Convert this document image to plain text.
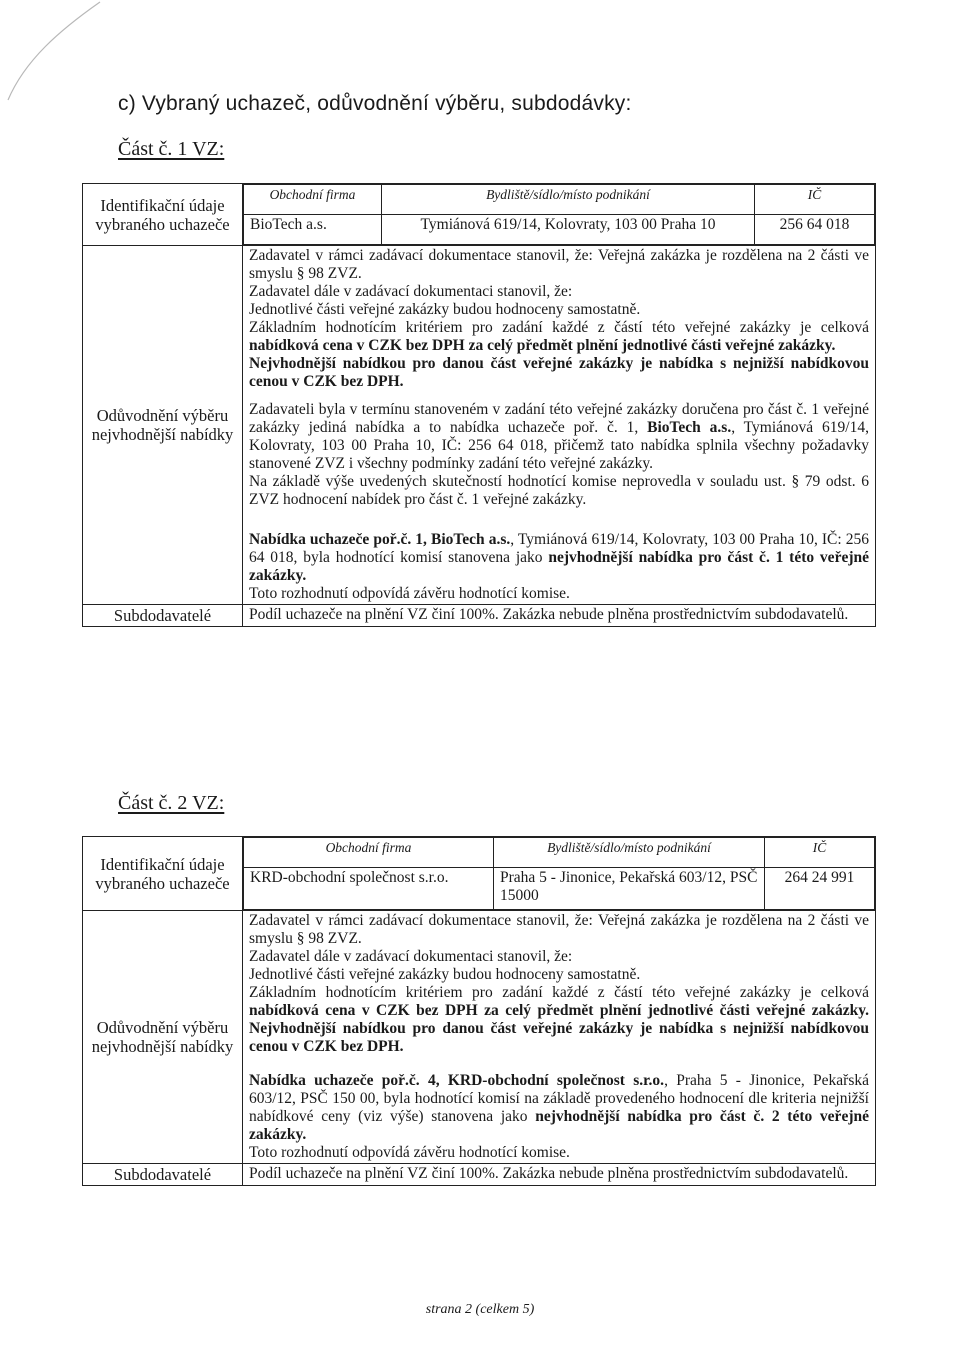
c) Vybraný uchazeč, odůvodnění výběru, subdodávky:
Část č. 1 VZ:
Identifikační údaje vybraného uchazeče	
Obchodní firma	Bydliště/sídlo/místo podnikání	IČ
BioTech a.s.	Tymiánová 619/14, Kolovraty, 103 00 Praha 10	256 64 018

Odůvodnění výběru nejvhodnější nabídky	

Zadavatel v rámci zadávací dokumentace stanovil, že: Veřejná zakázka je rozdělena na 2 části ve smyslu § 98 ZVZ.

Zadavatel dále v zadávací dokumentaci stanovil, že:

Jednotlivé části veřejné zakázky budou hodnoceny samostatně.

Základním hodnotícím kritériem pro zadání každé z částí této veřejné zakázky je celková nabídková cena v CZK bez DPH za celý předmět plnění jednotlivé části veřejné zakázky.

Nejvhodnější nabídkou pro danou část veřejné zakázky je nabídka s nejnižší nabídkovou cenou v CZK bez DPH.

Zadavateli byla v termínu stanoveném v zadání této veřejné zakázky doručena pro část č. 1 veřejné zakázky jediná nabídka a to nabídka uchazeče poř. č. 1, BioTech a.s., Tymiánová 619/14, Kolovraty, 103 00 Praha 10, IČ: 256 64 018, přičemž tato nabídka splnila všechny požadavky stanovené ZVZ i všechny podmínky zadání této veřejné zakázky.

Na základě výše uvedených skutečností hodnotící komise neprovedla v souladu ust. § 79 odst. 6 ZVZ hodnocení nabídek pro část č. 1 veřejné zakázky.

Nabídka uchazeče poř.č. 1, BioTech a.s., Tymiánová 619/14, Kolovraty, 103 00 Praha 10, IČ: 256 64 018, byla hodnotící komisí stanovena jako nejvhodnější nabídka pro část č. 1 této veřejné zakázky.

Toto rozhodnutí odpovídá závěru hodnotící komise.

Subdodavatelé	Podíl uchazeče na plnění VZ činí 100%. Zakázka nebude plněna prostřednictvím subdodavatelů.
Část č. 2 VZ:
Identifikační údaje vybraného uchazeče	
Obchodní firma	Bydliště/sídlo/místo podnikání	IČ
KRD-obchodní společnost s.r.o.	Praha 5 - Jinonice, Pekařská 603/12, PSČ 15000	264 24 991

Odůvodnění výběru nejvhodnější nabídky	

Zadavatel v rámci zadávací dokumentace stanovil, že: Veřejná zakázka je rozdělena na 2 části ve smyslu § 98 ZVZ.

Zadavatel dále v zadávací dokumentaci stanovil, že:

Jednotlivé části veřejné zakázky budou hodnoceny samostatně.

Základním hodnotícím kritériem pro zadání každé z částí této veřejné zakázky je celková nabídková cena v CZK bez DPH za celý předmět plnění jednotlivé části veřejné zakázky. Nejvhodnější nabídkou pro danou část veřejné zakázky je nabídka s nejnižší nabídkovou cenou v CZK bez DPH.

Nabídka uchazeče poř.č. 4, KRD-obchodní společnost s.r.o., Praha 5 - Jinonice, Pekařská 603/12, PSČ 150 00, byla hodnotící komisí na základě provedeného hodnocení dle kriteria nejnižší nabídkové ceny (viz výše) stanovena jako nejvhodnější nabídka pro část č. 2 této veřejné zakázky.

Toto rozhodnutí odpovídá závěru hodnotící komise.

Subdodavatelé	Podíl uchazeče na plnění VZ činí 100%. Zakázka nebude plněna prostřednictvím subdodavatelů.
strana 2 (celkem 5)
